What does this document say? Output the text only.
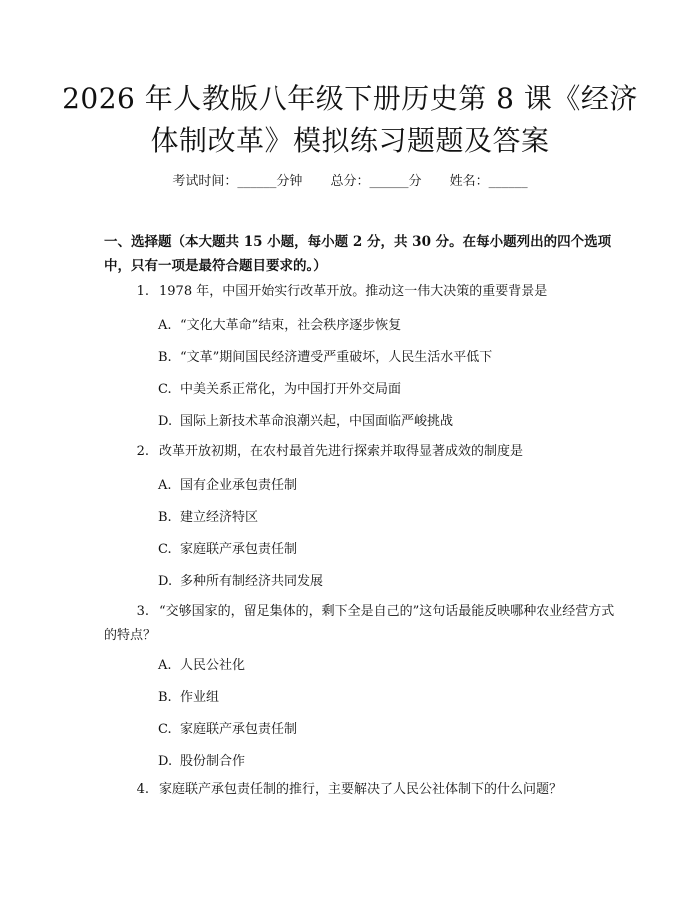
2026 年人教版八年级下册历史第 8 课《经济
体制改革》模拟练习题题及答案
考试时间：______分钟 总分：______分 姓名：______
一、选择题（本大题共 15 小题，每小题 2 分，共 30 分。在每小题列出的四个选项中，只有一项是最符合题目要求的。）
1. 1978 年，中国开始实行改革开放。推动这一伟大决策的重要背景是
A. “文化大革命”结束，社会秩序逐步恢复
B. “文革”期间国民经济遭受严重破坏，人民生活水平低下
C. 中美关系正常化，为中国打开外交局面
D. 国际上新技术革命浪潮兴起，中国面临严峻挑战
2. 改革开放初期，在农村最首先进行探索并取得显著成效的制度是
A. 国有企业承包责任制
B. 建立经济特区
C. 家庭联产承包责任制
D. 多种所有制经济共同发展
3. “交够国家的，留足集体的，剩下全是自己的”这句话最能反映哪种农业经营方式的特点？
A. 人民公社化
B. 作业组
C. 家庭联产承包责任制
D. 股份制合作
4. 家庭联产承包责任制的推行，主要解决了人民公社体制下的什么问题？
